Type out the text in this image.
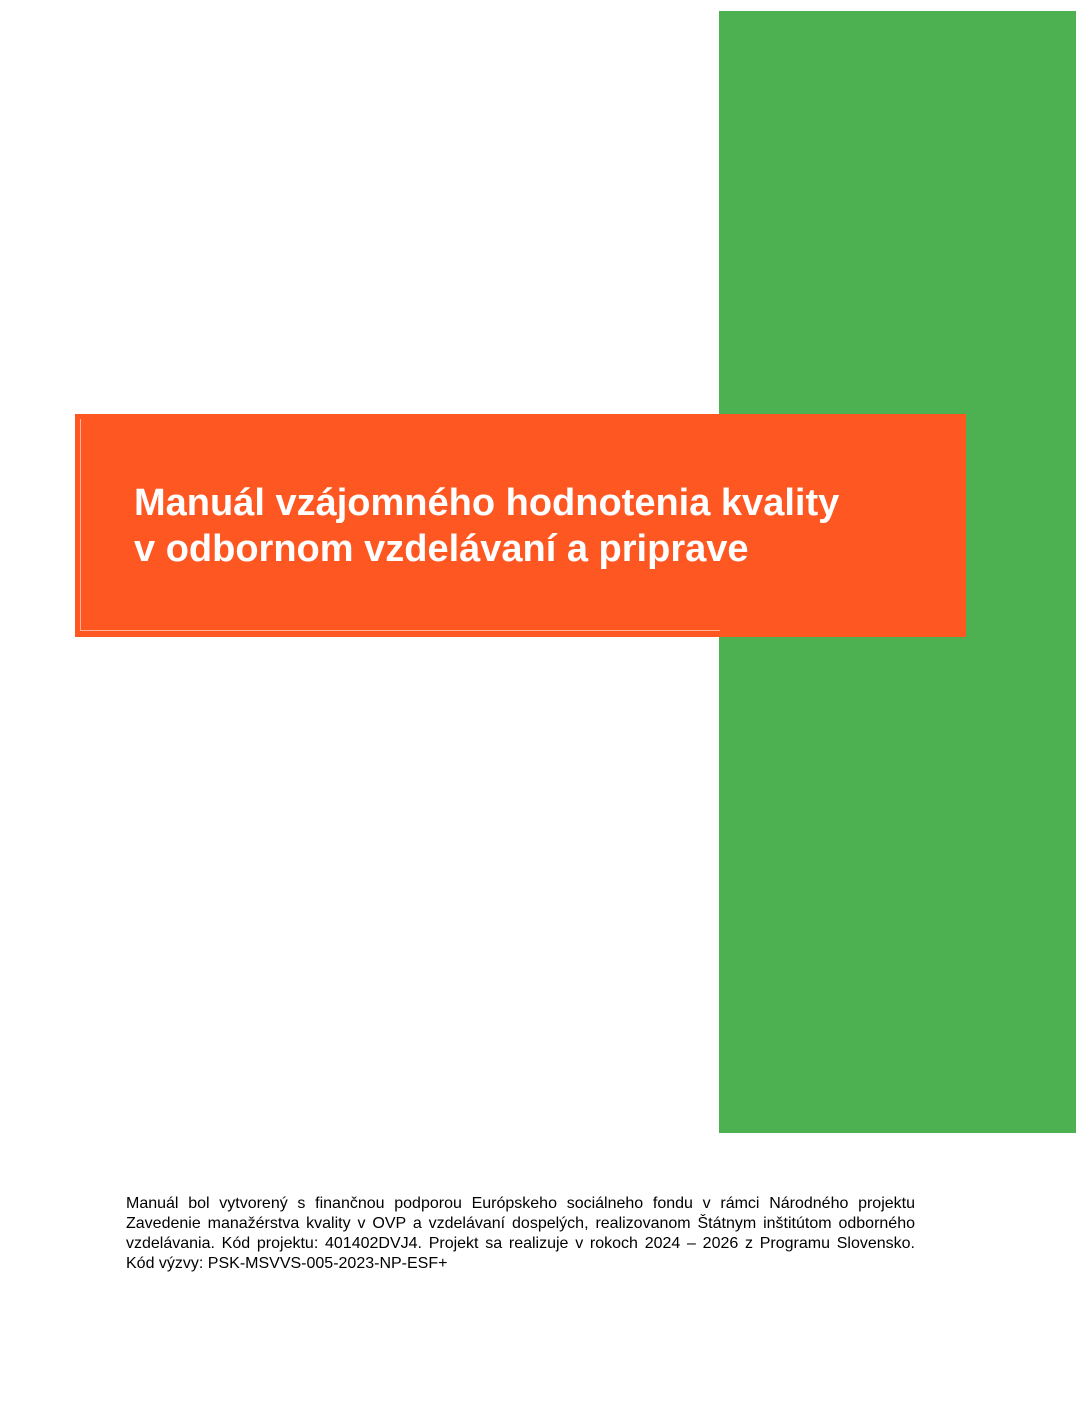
Manuál vzájomného hodnotenia kvality
v odbornom vzdelávaní a priprave

Manuál bol vytvorený s finančnou podporou Európskeho sociálneho fondu v rámci Národného projektu Zavedenie manažérstva kvality v OVP a vzdelávaní dospelých, realizovanom Štátnym inštitútom odborného vzdelávania. Kód projektu: 401402DVJ4. Projekt sa realizuje v rokoch 2024 – 2026 z Programu Slovensko. Kód výzvy: PSK-MSVVS-005-2023-NP-ESF+
